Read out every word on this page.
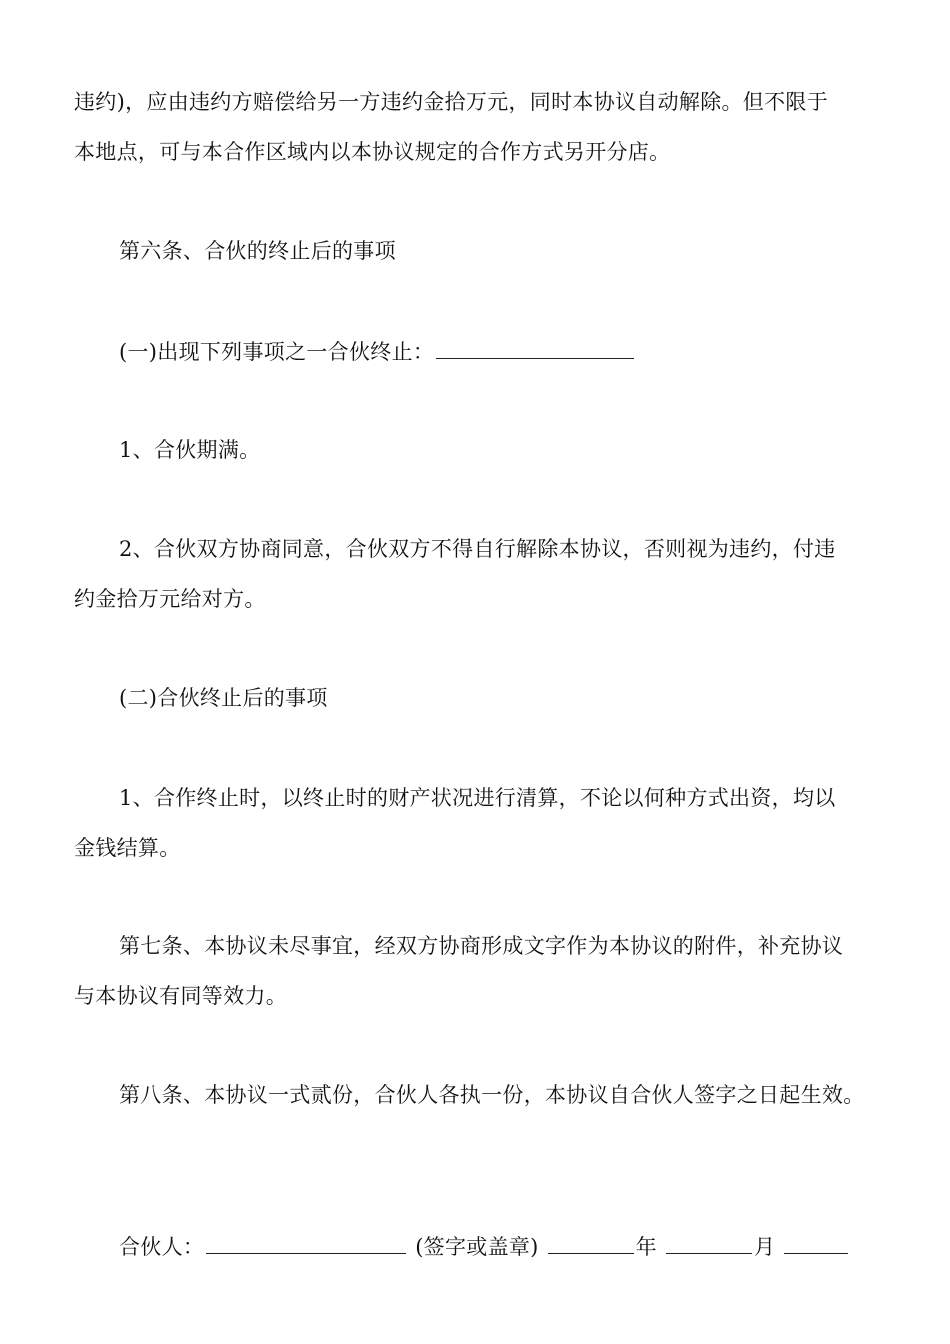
违约)，应由违约方赔偿给另一方违约金拾万元，同时本协议自动解除。但不限于
本地点，可与本合作区域内以本协议规定的合作方式另开分店。
第六条、合伙的终止后的事项
(一)出现下列事项之一合伙终止：
1、合伙期满。
2、合伙双方协商同意，合伙双方不得自行解除本协议，否则视为违约，付违
约金拾万元给对方。
(二)合伙终止后的事项
1、合作终止时，以终止时的财产状况进行清算，不论以何种方式出资，均以
金钱结算。
第七条、本协议未尽事宜，经双方协商形成文字作为本协议的附件，补充协议
与本协议有同等效力。
第八条、本协议一式贰份，合伙人各执一份，本协议自合伙人签字之日起生效。
合伙人：	(签字或盖章)	年	月
